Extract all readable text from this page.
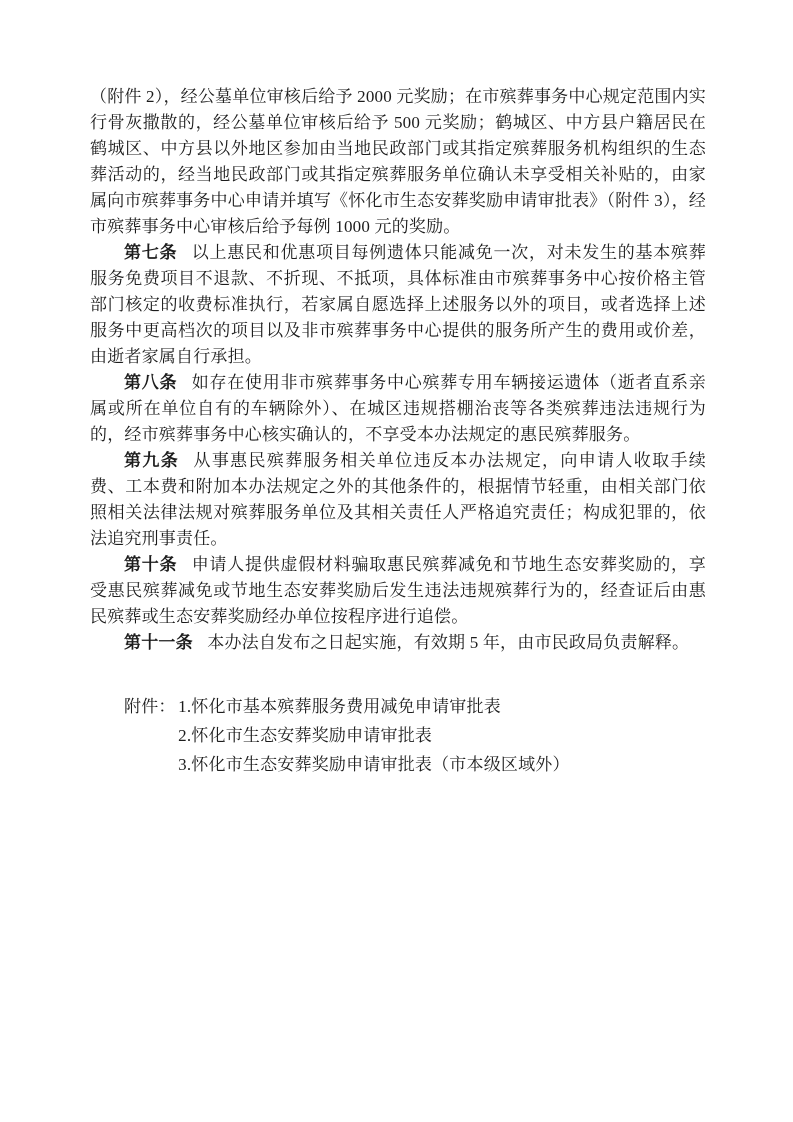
（附件 2），经公墓单位审核后给予 2000 元奖励；在市殡葬事务中心规定范围内实行骨灰撒散的，经公墓单位审核后给予 500 元奖励；鹤城区、中方县户籍居民在鹤城区、中方县以外地区参加由当地民政部门或其指定殡葬服务机构组织的生态葬活动的，经当地民政部门或其指定殡葬服务单位确认未享受相关补贴的，由家属向市殡葬事务中心申请并填写《怀化市生态安葬奖励申请审批表》（附件 3），经市殡葬事务中心审核后给予每例 1000 元的奖励。

第七条 以上惠民和优惠项目每例遗体只能减免一次，对未发生的基本殡葬服务免费项目不退款、不折现、不抵项，具体标准由市殡葬事务中心按价格主管部门核定的收费标准执行，若家属自愿选择上述服务以外的项目，或者选择上述服务中更高档次的项目以及非市殡葬事务中心提供的服务所产生的费用或价差，由逝者家属自行承担。

第八条 如存在使用非市殡葬事务中心殡葬专用车辆接运遗体（逝者直系亲属或所在单位自有的车辆除外）、在城区违规搭棚治丧等各类殡葬违法违规行为的，经市殡葬事务中心核实确认的，不享受本办法规定的惠民殡葬服务。

第九条 从事惠民殡葬服务相关单位违反本办法规定，向申请人收取手续费、工本费和附加本办法规定之外的其他条件的，根据情节轻重，由相关部门依照相关法律法规对殡葬服务单位及其相关责任人严格追究责任；构成犯罪的，依法追究刑事责任。

第十条 申请人提供虚假材料骗取惠民殡葬减免和节地生态安葬奖励的，享受惠民殡葬减免或节地生态安葬奖励后发生违法违规殡葬行为的，经查证后由惠民殡葬或生态安葬奖励经办单位按程序进行追偿。

第十一条 本办法自发布之日起实施，有效期 5 年，由市民政局负责解释。

附件： 1.怀化市基本殡葬服务费用减免申请审批表
2.怀化市生态安葬奖励申请审批表
3.怀化市生态安葬奖励申请审批表（市本级区域外）
